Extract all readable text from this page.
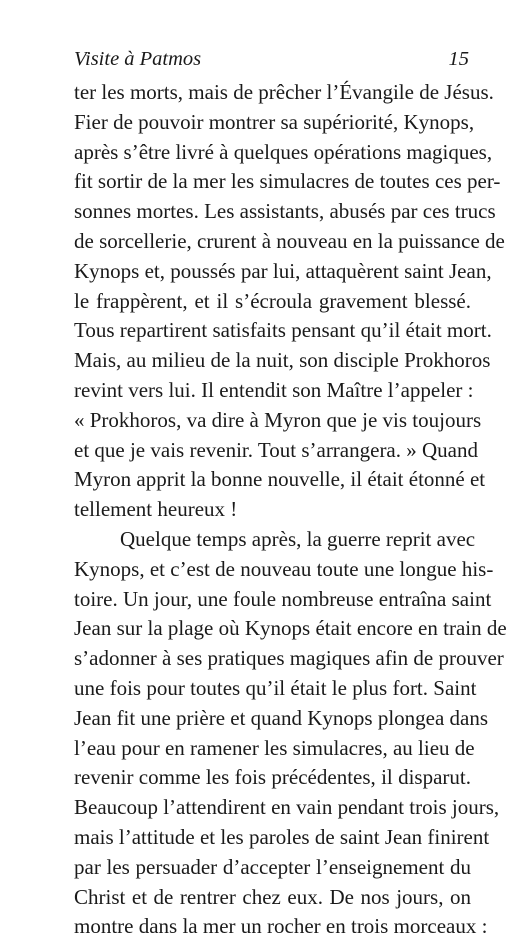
Visite à Patmos	15
ter les morts, mais de prêcher l’Évangile de Jésus.
Fier de pouvoir montrer sa supériorité, Kynops,
après s’être livré à quelques opérations magiques,
fit sortir de la mer les simulacres de toutes ces per-
sonnes mortes. Les assistants, abusés par ces trucs
de sorcellerie, crurent à nouveau en la puissance de
Kynops et, poussés par lui, attaquèrent saint Jean,
le frappèrent, et il s’écroula gravement blessé.
Tous repartirent satisfaits pensant qu’il était mort.
Mais, au milieu de la nuit, son disciple Prokhoros
revint vers lui. Il entendit son Maître l’appeler :
« Prokhoros, va dire à Myron que je vis toujours
et que je vais revenir. Tout s’arrangera. » Quand
Myron apprit la bonne nouvelle, il était étonné et
tellement heureux !
Quelque temps après, la guerre reprit avec
Kynops, et c’est de nouveau toute une longue his-
toire. Un jour, une foule nombreuse entraîna saint
Jean sur la plage où Kynops était encore en train de
s’adonner à ses pratiques magiques afin de prouver
une fois pour toutes qu’il était le plus fort. Saint
Jean fit une prière et quand Kynops plongea dans
l’eau pour en ramener les simulacres, au lieu de
revenir comme les fois précédentes, il disparut.
Beaucoup l’attendirent en vain pendant trois jours,
mais l’attitude et les paroles de saint Jean finirent
par les persuader d’accepter l’enseignement du
Christ et de rentrer chez eux. De nos jours, on
montre dans la mer un rocher en trois morceaux :
